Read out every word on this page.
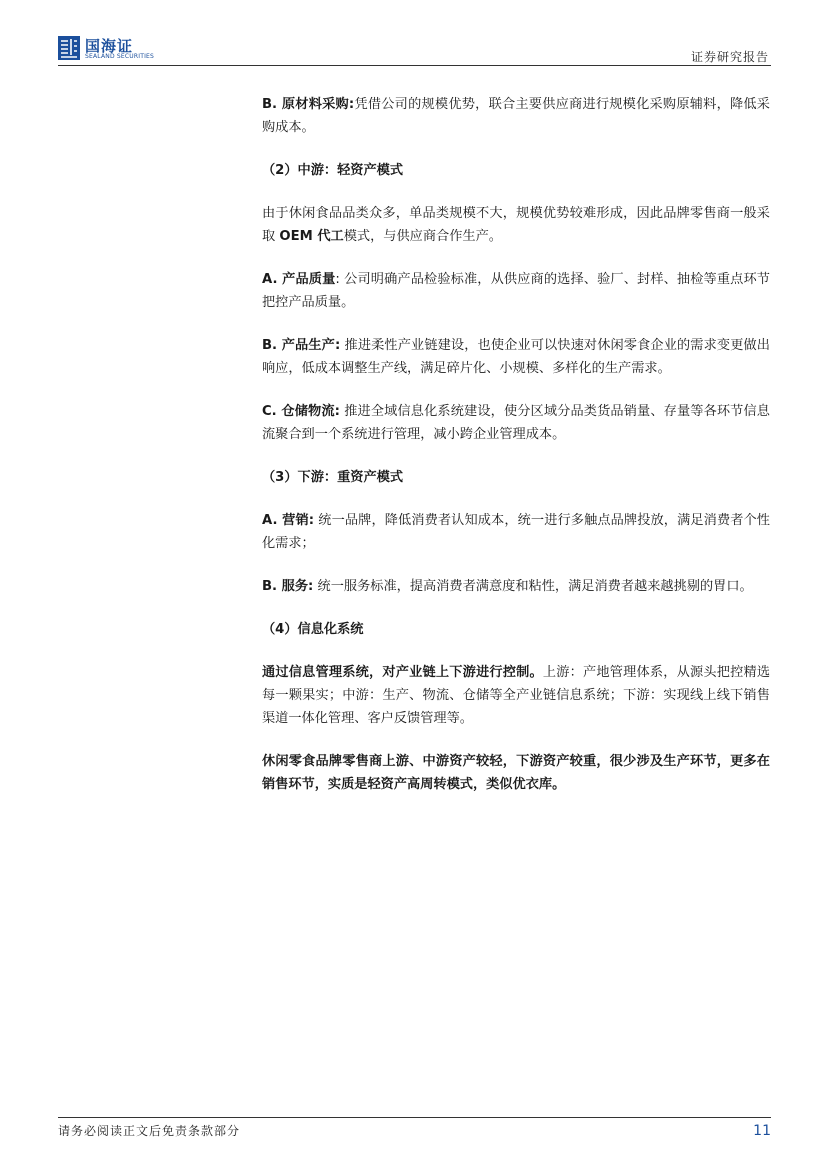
国海证
SEALAND SECURITIES	证券研究报告

B. 原材料采购:凭借公司的规模优势，联合主要供应商进行规模化采购原辅料，降低采购成本。

（2）中游：轻资产模式

由于休闲食品品类众多，单品类规模不大，规模优势较难形成，因此品牌零售商一般采取 OEM 代工模式，与供应商合作生产。

A. 产品质量: 公司明确产品检验标准，从供应商的选择、验厂、封样、抽检等重点环节把控产品质量。

B. 产品生产: 推进柔性产业链建设，也使企业可以快速对休闲零食企业的需求变更做出响应，低成本调整生产线，满足碎片化、小规模、多样化的生产需求。

C. 仓储物流: 推进全域信息化系统建设，使分区域分品类货品销量、存量等各环节信息流聚合到一个系统进行管理，减小跨企业管理成本。

（3）下游：重资产模式

A. 营销: 统一品牌，降低消费者认知成本，统一进行多触点品牌投放，满足消费者个性化需求；

B. 服务: 统一服务标准，提高消费者满意度和粘性，满足消费者越来越挑剔的胃口。

（4）信息化系统

通过信息管理系统，对产业链上下游进行控制。上游：产地管理体系，从源头把控精选每一颗果实；中游：生产、物流、仓储等全产业链信息系统；下游：实现线上线下销售渠道一体化管理、客户反馈管理等。

休闲零食品牌零售商上游、中游资产较轻，下游资产较重，很少涉及生产环节，更多在销售环节，实质是轻资产高周转模式，类似优衣库。

请务必阅读正文后免责条款部分	11
